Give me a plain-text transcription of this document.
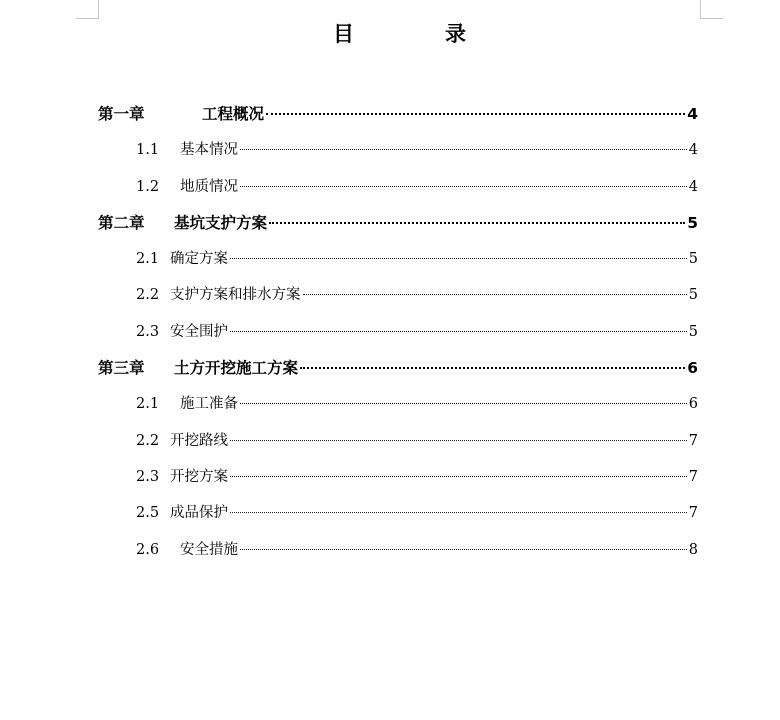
目	录
第一章	工程概况	4
1.1	基本情况	4
1.2	地质情况	4
第二章	基坑支护方案	5
2.1 确定方案	5
2.2 支护方案和排水方案	5
2.3 安全围护	5
第三章	土方开挖施工方案	6
2.1	施工准备	6
2.2 开挖路线	7
2.3 开挖方案	7
2.5 成品保护	7
2.6	安全措施	8
